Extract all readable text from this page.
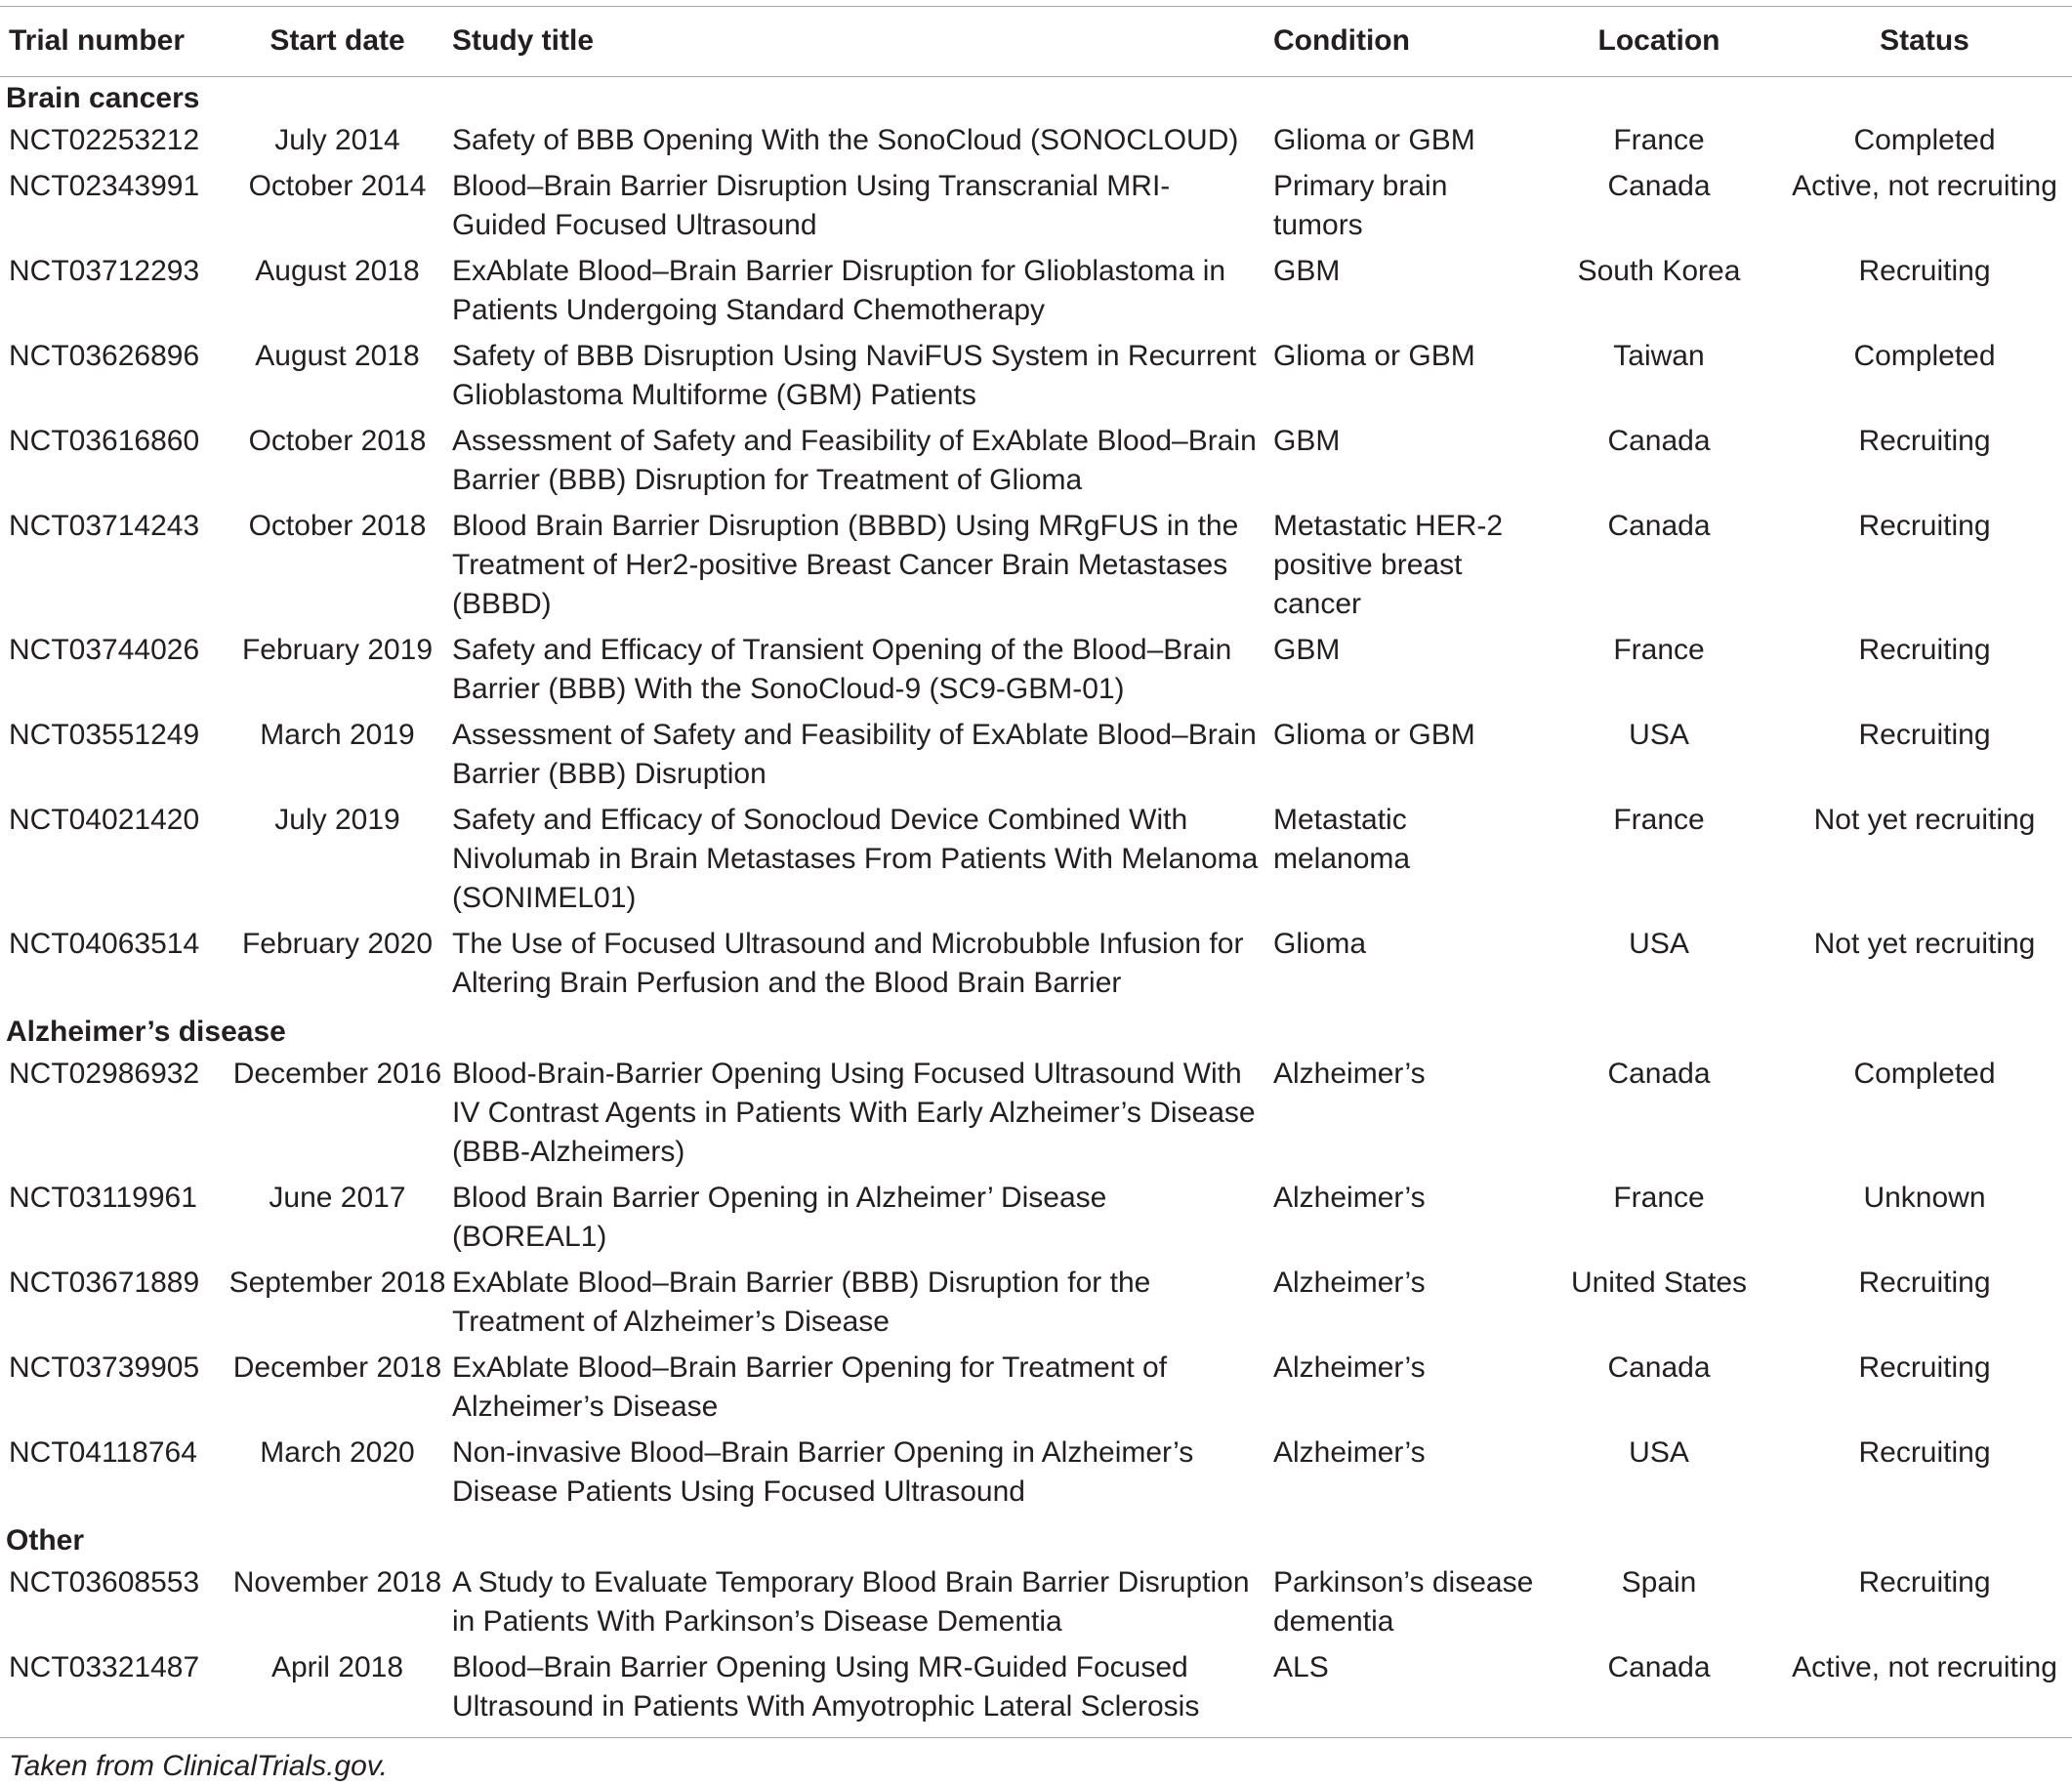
Trial number	Start date	Study title	Condition	Location	Status
Brain cancers					
NCT02253212	July 2014	Safety of BBB Opening With the SonoCloud (SONOCLOUD)	Glioma or GBM	France	Completed
NCT02343991	October 2014	Blood–Brain Barrier Disruption Using Transcranial MRI-Guided Focused Ultrasound	Primary brain tumors	Canada	Active, not recruiting
NCT03712293	August 2018	ExAblate Blood–Brain Barrier Disruption for Glioblastoma in Patients Undergoing Standard Chemotherapy	GBM	South Korea	Recruiting
NCT03626896	August 2018	Safety of BBB Disruption Using NaviFUS System in Recurrent Glioblastoma Multiforme (GBM) Patients	Glioma or GBM	Taiwan	Completed
NCT03616860	October 2018	Assessment of Safety and Feasibility of ExAblate Blood–Brain Barrier (BBB) Disruption for Treatment of Glioma	GBM	Canada	Recruiting
NCT03714243	October 2018	Blood Brain Barrier Disruption (BBBD) Using MRgFUS in the Treatment of Her2-positive Breast Cancer Brain Metastases (BBBD)	Metastatic HER-2 positive breast cancer	Canada	Recruiting
NCT03744026	February 2019	Safety and Efficacy of Transient Opening of the Blood–Brain Barrier (BBB) With the SonoCloud-9 (SC9-GBM-01)	GBM	France	Recruiting
NCT03551249	March 2019	Assessment of Safety and Feasibility of ExAblate Blood–Brain Barrier (BBB) Disruption	Glioma or GBM	USA	Recruiting
NCT04021420	July 2019	Safety and Efficacy of Sonocloud Device Combined With Nivolumab in Brain Metastases From Patients With Melanoma (SONIMEL01)	Metastatic melanoma	France	Not yet recruiting
NCT04063514	February 2020	The Use of Focused Ultrasound and Microbubble Infusion for Altering Brain Perfusion and the Blood Brain Barrier	Glioma	USA	Not yet recruiting
Alzheimer’s disease					
NCT02986932	December 2016	Blood-Brain-Barrier Opening Using Focused Ultrasound With IV Contrast Agents in Patients With Early Alzheimer’s Disease (BBB-Alzheimers)	Alzheimer’s	Canada	Completed
NCT03119961	June 2017	Blood Brain Barrier Opening in Alzheimer’ Disease (BOREAL1)	Alzheimer’s	France	Unknown
NCT03671889	September 2018	ExAblate Blood–Brain Barrier (BBB) Disruption for the Treatment of Alzheimer’s Disease	Alzheimer’s	United States	Recruiting
NCT03739905	December 2018	ExAblate Blood–Brain Barrier Opening for Treatment of Alzheimer’s Disease	Alzheimer’s	Canada	Recruiting
NCT04118764	March 2020	Non-invasive Blood–Brain Barrier Opening in Alzheimer’s Disease Patients Using Focused Ultrasound	Alzheimer’s	USA	Recruiting
Other					
NCT03608553	November 2018	A Study to Evaluate Temporary Blood Brain Barrier Disruption in Patients With Parkinson’s Disease Dementia	Parkinson’s disease dementia	Spain	Recruiting
NCT03321487	April 2018	Blood–Brain Barrier Opening Using MR-Guided Focused Ultrasound in Patients With Amyotrophic Lateral Sclerosis	ALS	Canada	Active, not recruiting
Taken from ClinicalTrials.gov.
